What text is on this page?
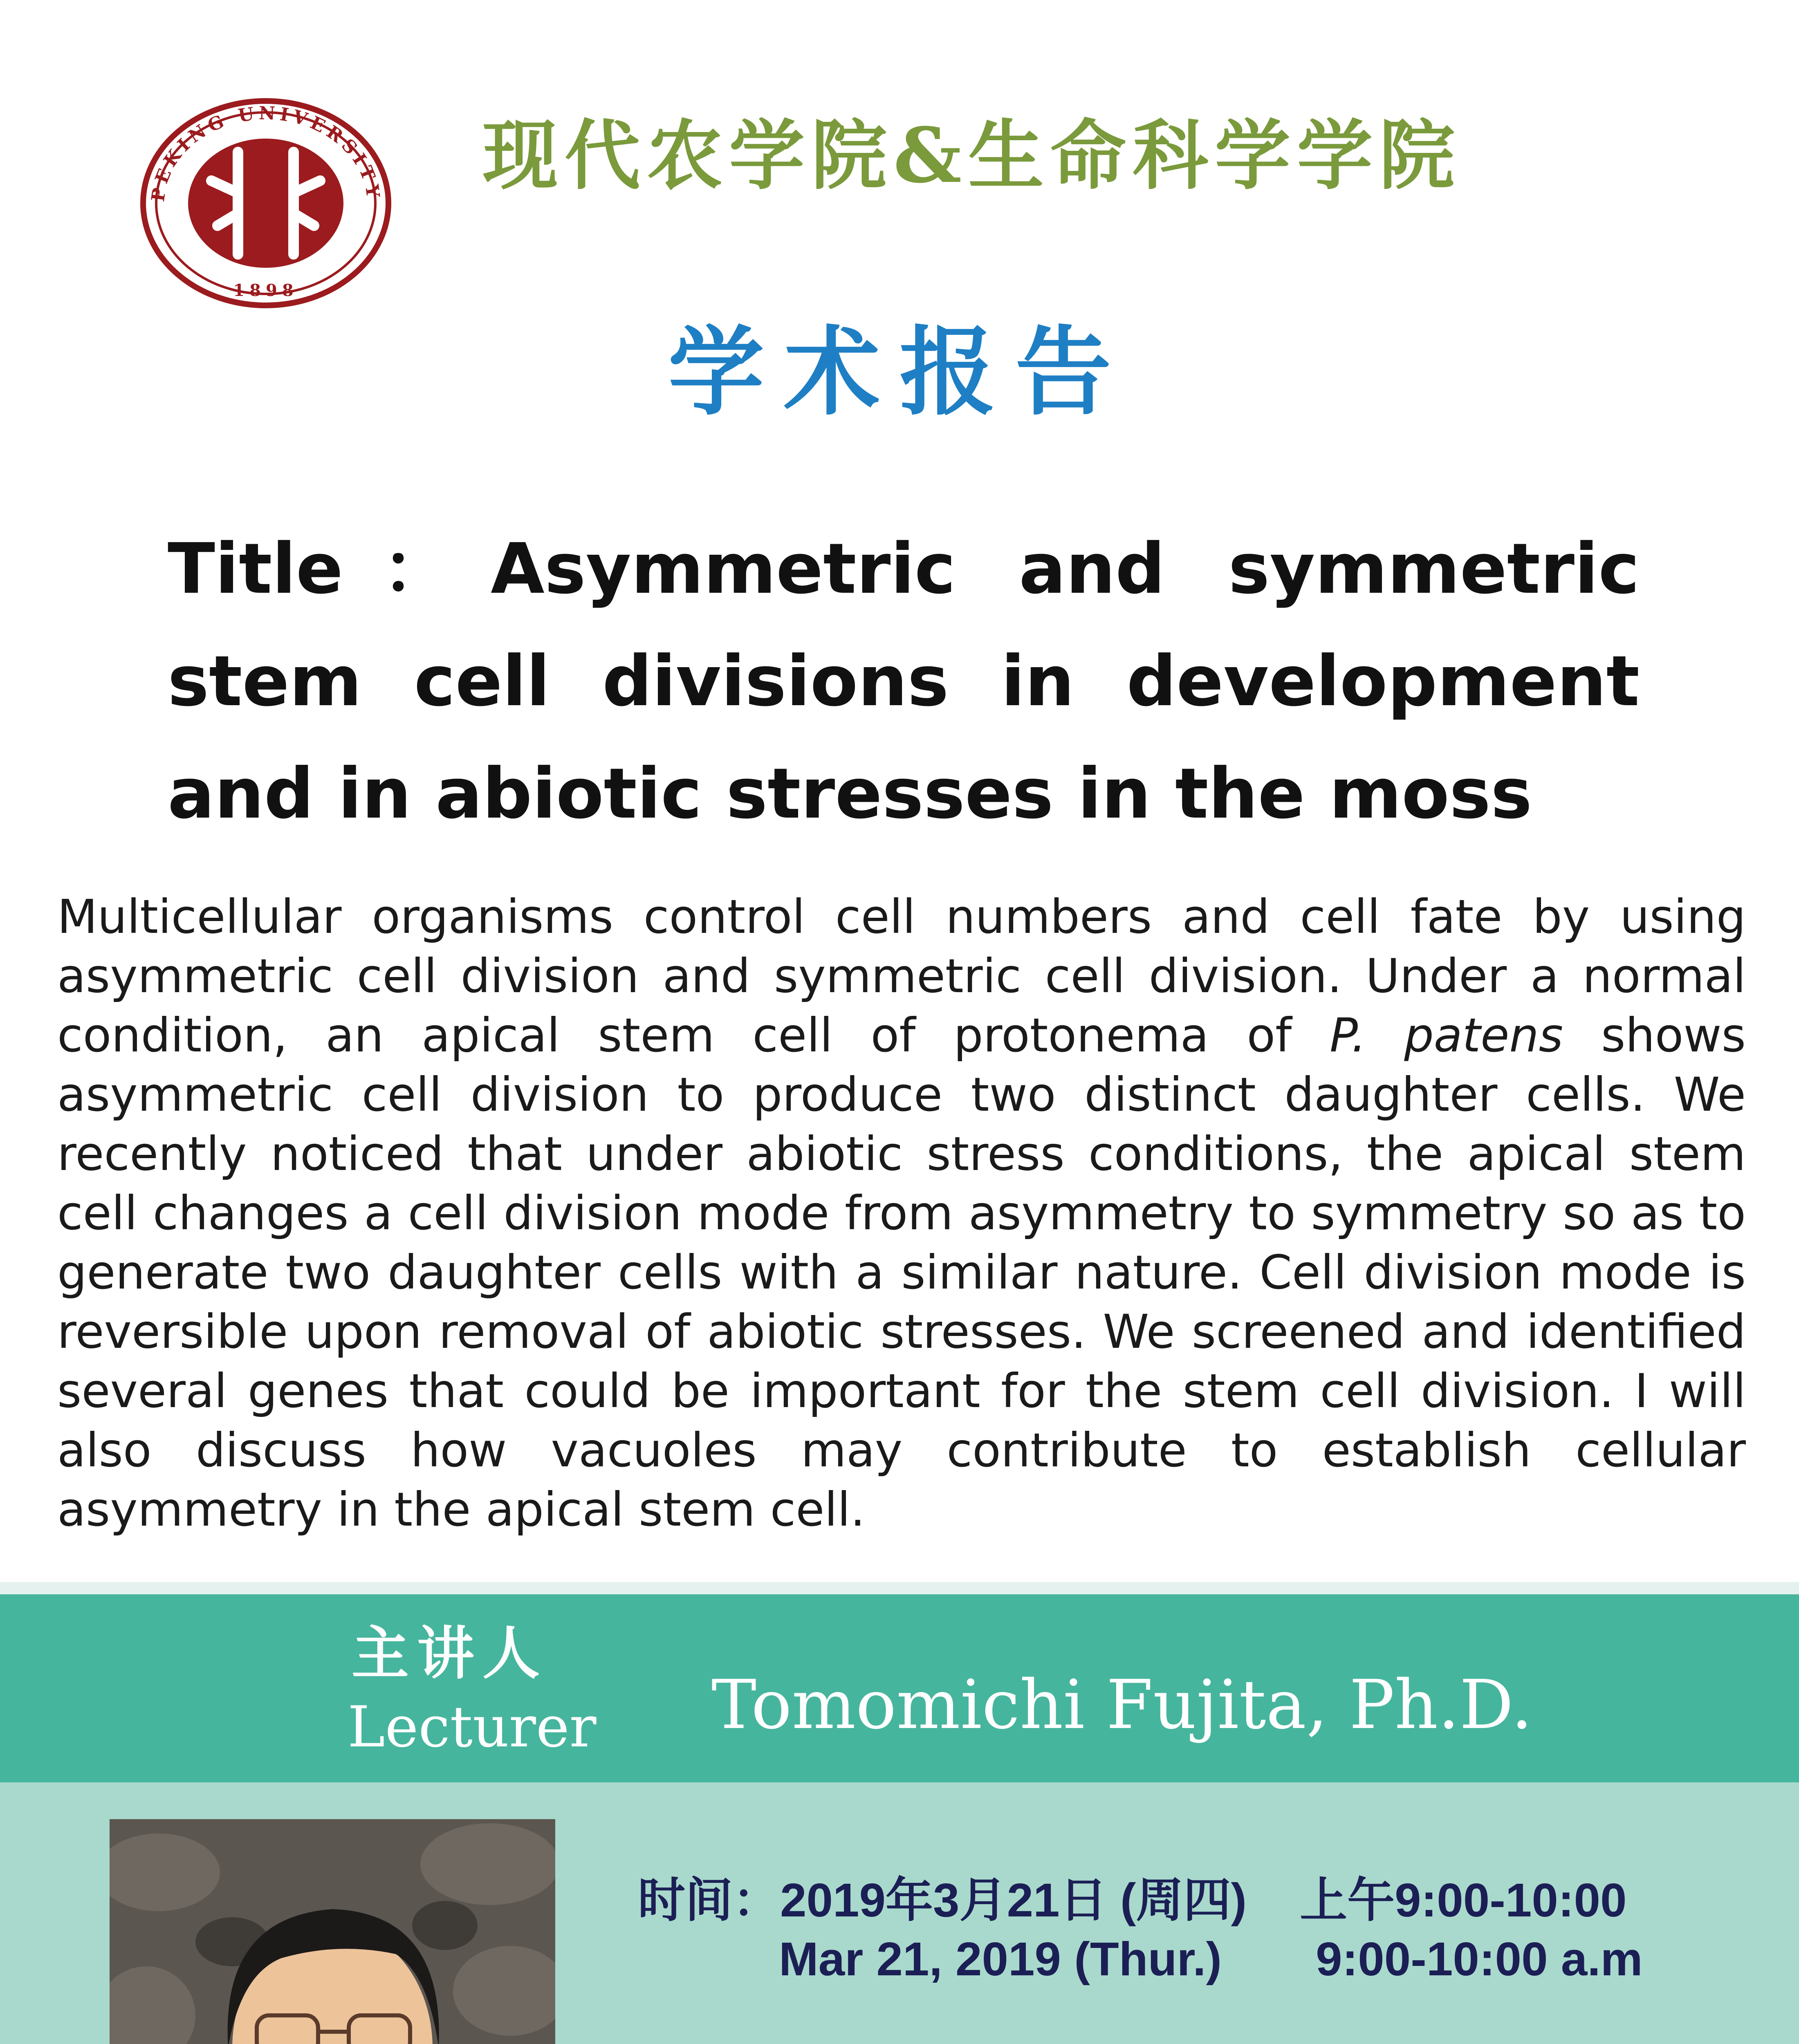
PEKING UNIVERSITY
1898
现代农学院&生命科学学院
学术报告
Title：Asymmetric and symmetric stem cell divisions in development and in abiotic stresses in the moss
Multicellular organisms control cell numbers and cell fate by using asymmetric cell division and symmetric cell division. Under a normal condition, an apical stem cell of protonema of P. patens shows asymmetric cell division to produce two distinct daughter cells. We recently noticed that under abiotic stress conditions, the apical stem cell changes a cell division mode from asymmetry to symmetry so as to generate two daughter cells with a similar nature. Cell division mode is reversible upon removal of abiotic stresses. We screened and identified several genes that could be important for the stem cell division. I will also discuss how vacuoles may contribute to establish cellular asymmetry in the apical stem cell.
主讲人
Lecturer Tomomichi Fujita, Ph.D.
时间：2019年3月21日 (周四) 上午9:00-10:00
Mar 21, 2019 (Thur.) 9:00-10:00 a.m
